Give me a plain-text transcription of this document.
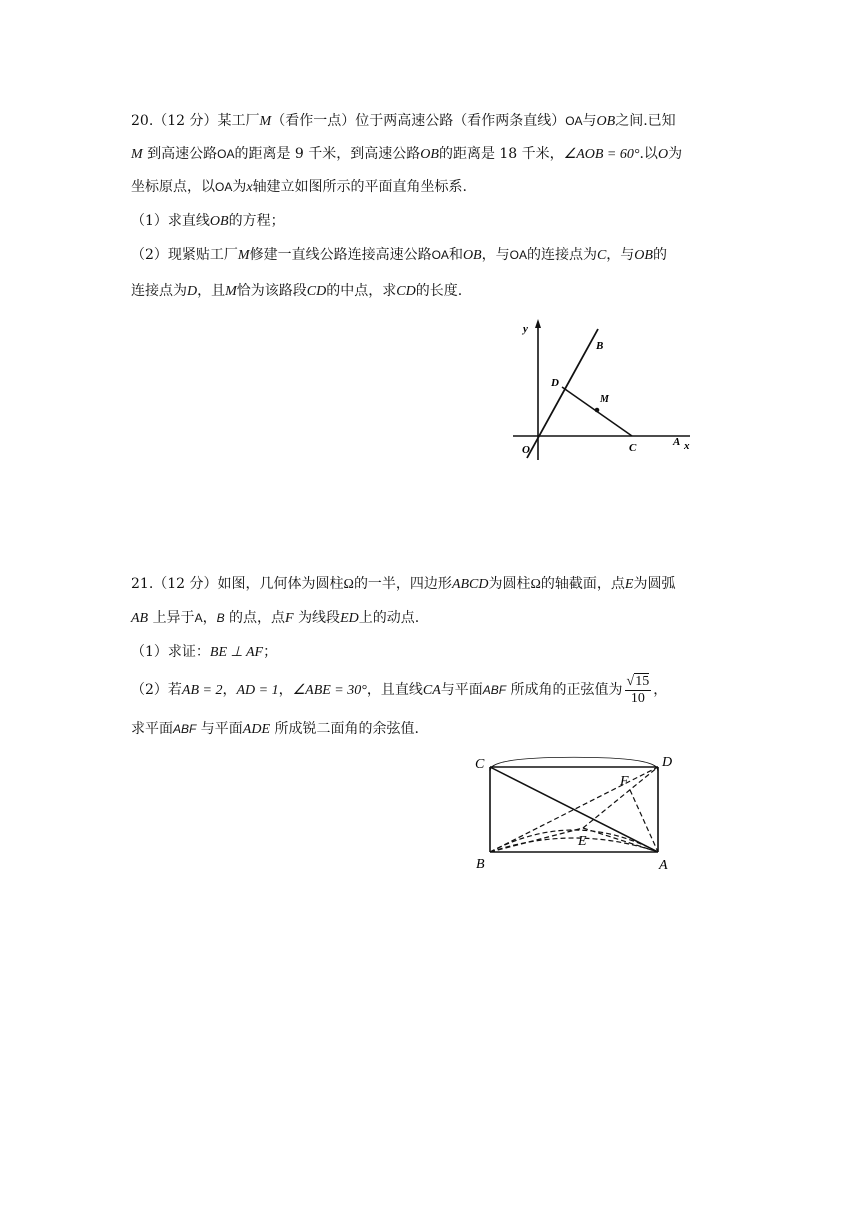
20.（12 分）某工厂M（看作一点）位于两高速公路（看作两条直线）OA与OB之间.已知
M 到高速公路OA的距离是 9 千米，到高速公路OB的距离是 18 千米，∠AOB = 60°.以O为
坐标原点，以OA为x轴建立如图所示的平面直角坐标系.
（1）求直线OB的方程；
（2）现紧贴工厂M修建一直线公路连接高速公路OA和OB，与OA的连接点为C，与OB的
连接点为D，且M恰为该路段CD的中点，求CD的长度.
y
B
D
M
O	C	A x
21.（12 分）如图，几何体为圆柱Ω的一半，四边形ABCD为圆柱Ω的轴截面，点E为圆弧
AB 上异于A，B 的点，点F 为线段ED上的动点.
（1）求证：BE ⊥ AF；
（2）若AB = 2，AD = 1，∠ABE = 30°，且直线CA与平面ABF 所成角的正弦值为 $\frac{√15}{10}$ ，
求平面ABF 与平面ADE 所成锐二面角的余弦值.
C	D
F
E
B	A
